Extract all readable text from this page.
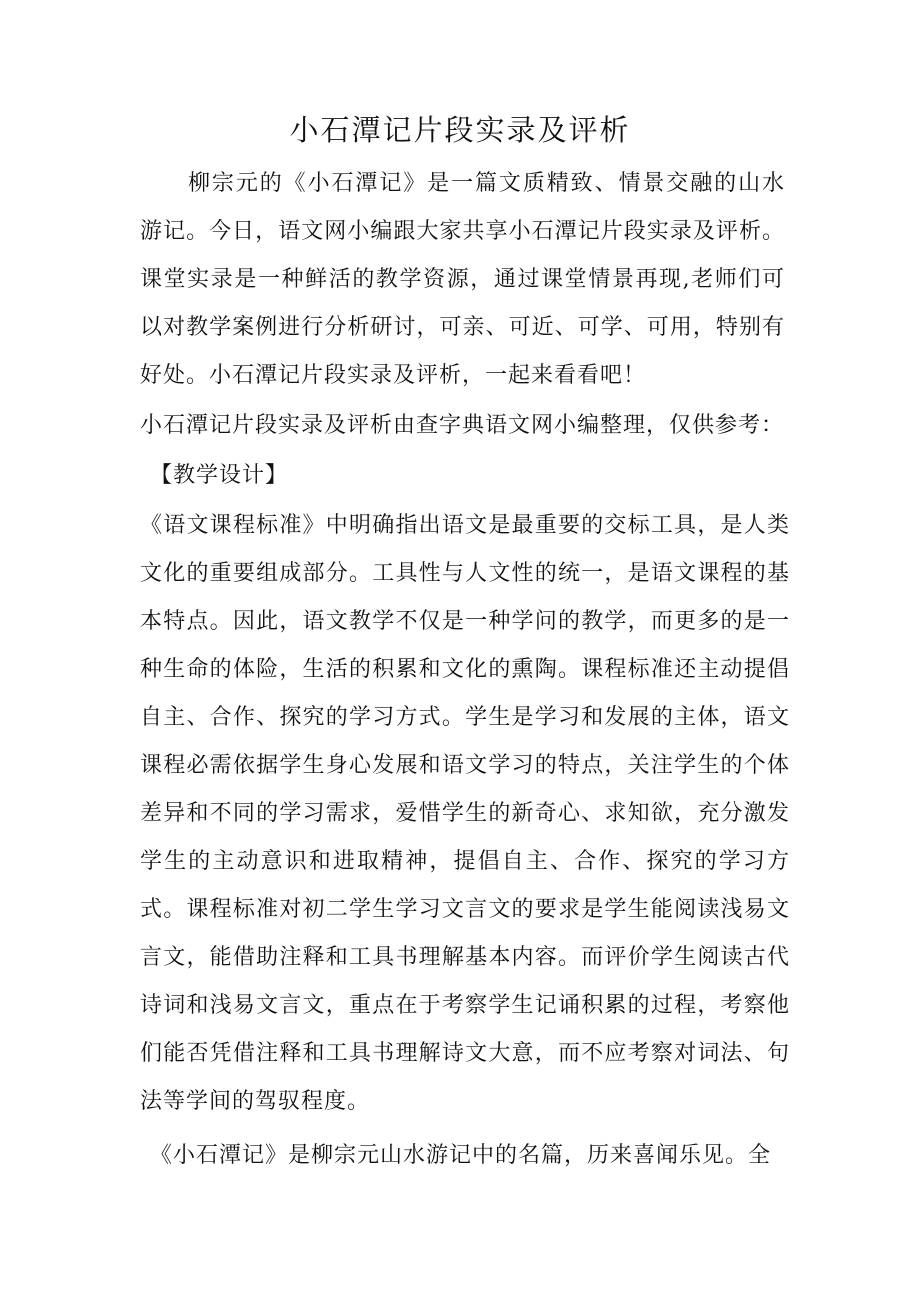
小石潭记片段实录及评析
柳宗元的《小石潭记》是一篇文质精致、情景交融的山水游记。今日，语文网小编跟大家共享小石潭记片段实录及评析。课堂实录是一种鲜活的教学资源，通过课堂情景再现,老师们可以对教学案例进行分析研讨，可亲、可近、可学、可用，特别有好处。小石潭记片段实录及评析，一起来看看吧！
小石潭记片段实录及评析由查字典语文网小编整理，仅供参考：
【教学设计】
《语文课程标准》中明确指出语文是最重要的交标工具，是人类文化的重要组成部分。工具性与人文性的统一，是语文课程的基本特点。因此，语文教学不仅是一种学问的教学，而更多的是一种生命的体险，生活的积累和文化的熏陶。课程标准还主动提倡自主、合作、探究的学习方式。学生是学习和发展的主体，语文课程必需依据学生身心发展和语文学习的特点，关注学生的个体差异和不同的学习需求，爱惜学生的新奇心、求知欲，充分激发学生的主动意识和进取精神，提倡自主、合作、探究的学习方式。课程标准对初二学生学习文言文的要求是学生能阅读浅易文言文，能借助注释和工具书理解基本内容。而评价学生阅读古代诗词和浅易文言文，重点在于考察学生记诵积累的过程，考察他们能否凭借注释和工具书理解诗文大意，而不应考察对词法、句法等学间的驾驭程度。
《小石潭记》是柳宗元山水游记中的名篇，历来喜闻乐见。全
